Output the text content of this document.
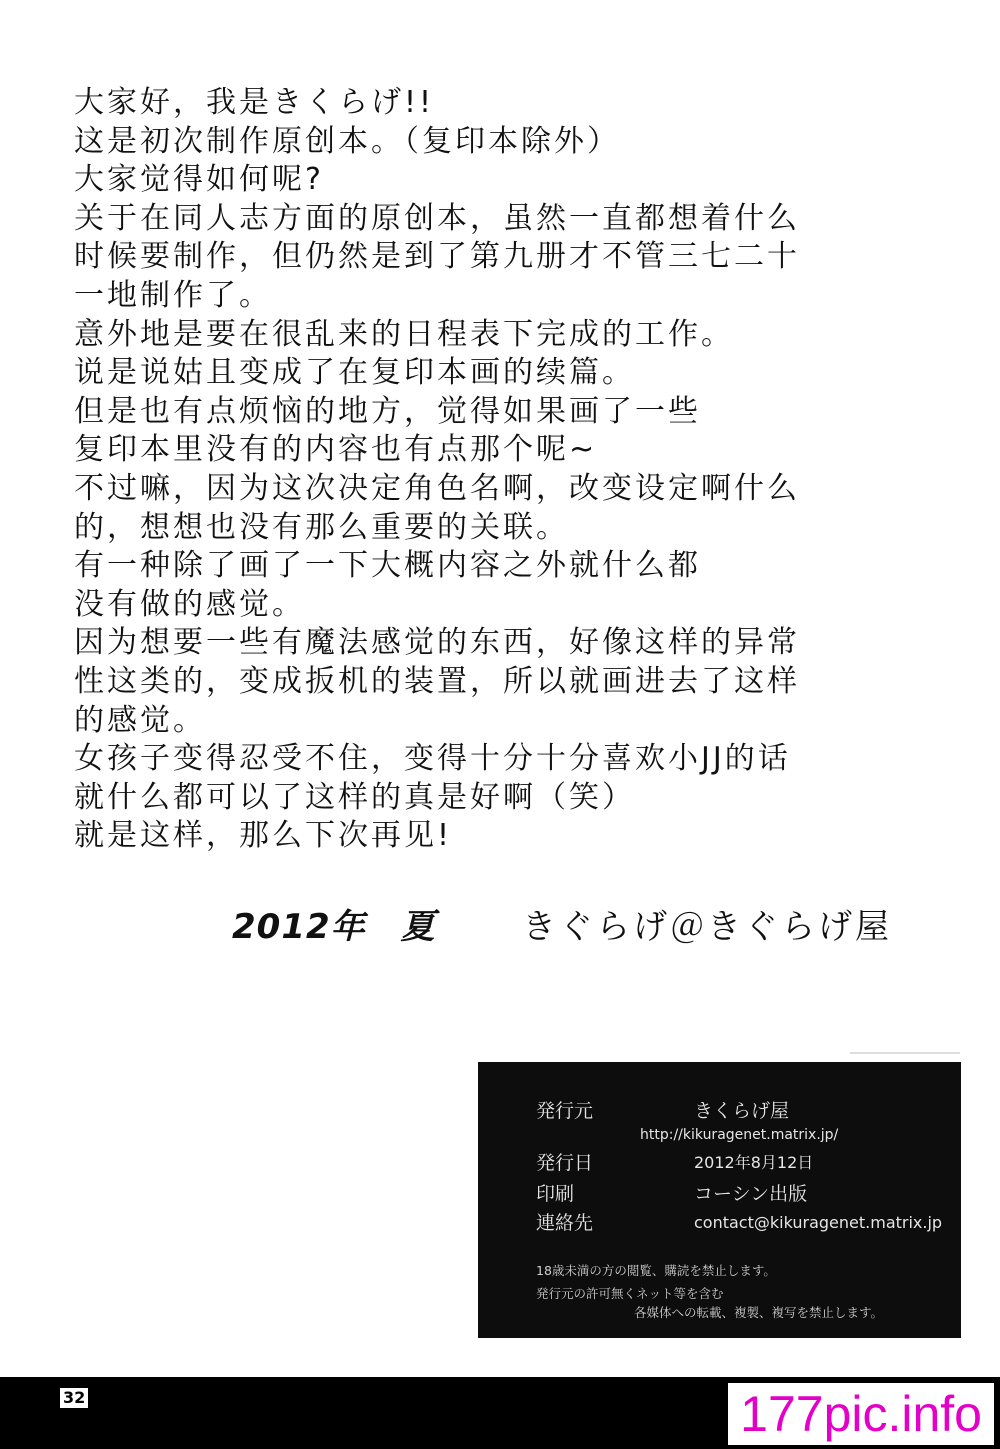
大家好，我是きくらげ!!
这是初次制作原创本。（复印本除外）
大家觉得如何呢?
关于在同人志方面的原创本，虽然一直都想着什么
时候要制作，但仍然是到了第九册才不管三七二十
一地制作了。
意外地是要在很乱来的日程表下完成的工作。
说是说姑且变成了在复印本画的续篇。
但是也有点烦恼的地方，觉得如果画了一些
复印本里没有的内容也有点那个呢~
不过嘛，因为这次决定角色名啊，改变设定啊什么
的，想想也没有那么重要的关联。
有一种除了画了一下大概内容之外就什么都
没有做的感觉。
因为想要一些有魔法感觉的东西，好像这样的异常
性这类的，变成扳机的装置，所以就画进去了这样
的感觉。
女孩子变得忍受不住，变得十分十分喜欢小JJ的话
就什么都可以了这样的真是好啊（笑）
就是这样，那么下次再见!
2012年　夏	きぐらげ＠きぐらげ屋
発行元	きくらげ屋
http://kikuragenet.matrix.jp/
発行日	2012年8月12日
印刷	コーシン出版
連絡先	contact@kikuragenet.matrix.jp
18歳未満の方の閲覧、購読を禁止します。
発行元の許可無くネット等を含む
各媒体への転載、複製、複写を禁止します。
32	177pic.info
